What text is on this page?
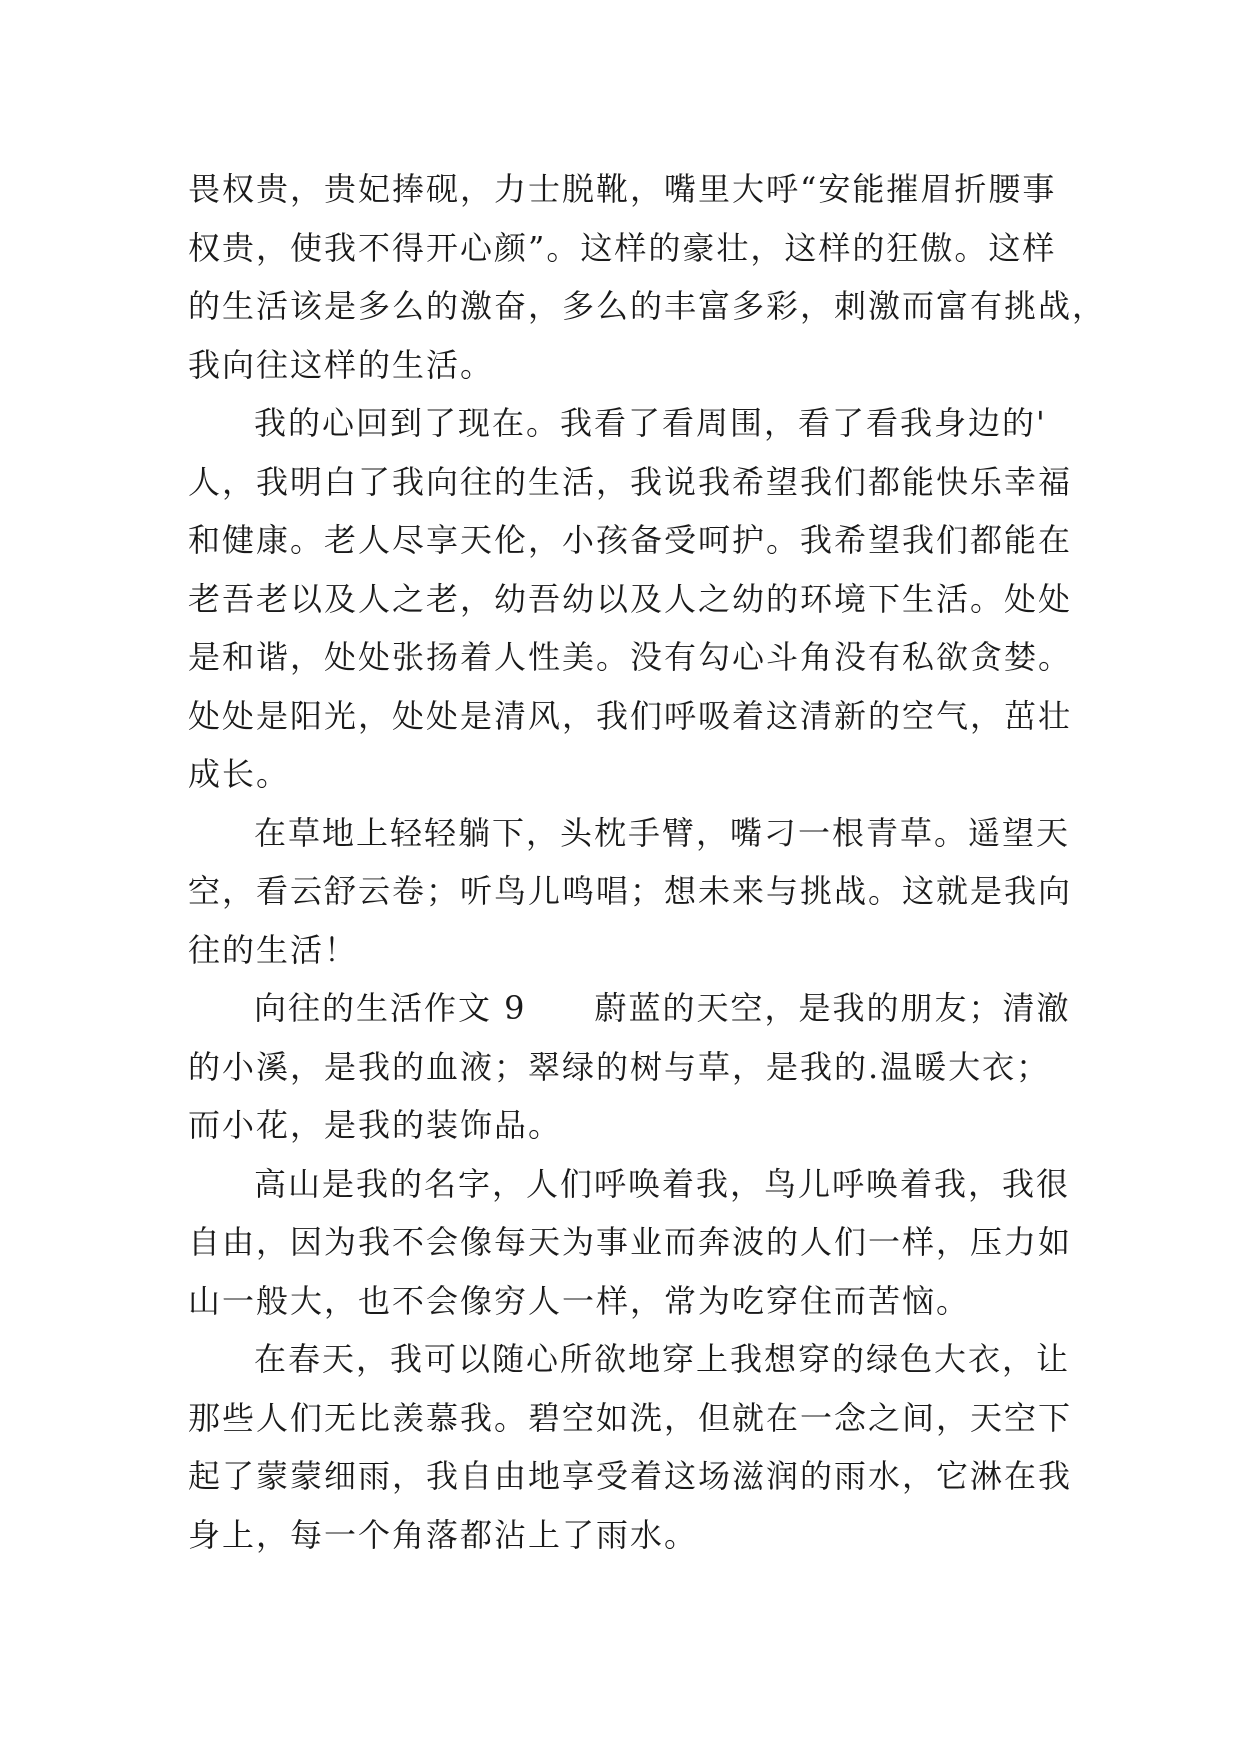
畏权贵，贵妃捧砚，力士脱靴，嘴里大呼“安能摧眉折腰事
权贵，使我不得开心颜”。这样的豪壮，这样的狂傲。这样
的生活该是多么的激奋，多么的丰富多彩，刺激而富有挑战，
我向往这样的生活。
我的心回到了现在。我看了看周围，看了看我身边的'
人，我明白了我向往的生活，我说我希望我们都能快乐幸福
和健康。老人尽享天伦，小孩备受呵护。我希望我们都能在
老吾老以及人之老，幼吾幼以及人之幼的环境下生活。处处
是和谐，处处张扬着人性美。没有勾心斗角没有私欲贪婪。
处处是阳光，处处是清风，我们呼吸着这清新的空气，茁壮
成长。
在草地上轻轻躺下，头枕手臂，嘴刁一根青草。遥望天
空，看云舒云卷；听鸟儿鸣唱；想未来与挑战。这就是我向
往的生活！
向往的生活作文 9　　蔚蓝的天空，是我的朋友；清澈
的小溪，是我的血液；翠绿的树与草，是我的.温暖大衣；
而小花，是我的装饰品。
高山是我的名字，人们呼唤着我，鸟儿呼唤着我，我很
自由，因为我不会像每天为事业而奔波的人们一样，压力如
山一般大，也不会像穷人一样，常为吃穿住而苦恼。
在春天，我可以随心所欲地穿上我想穿的绿色大衣，让
那些人们无比羡慕我。碧空如洗，但就在一念之间，天空下
起了蒙蒙细雨，我自由地享受着这场滋润的雨水，它淋在我
身上，每一个角落都沾上了雨水。
